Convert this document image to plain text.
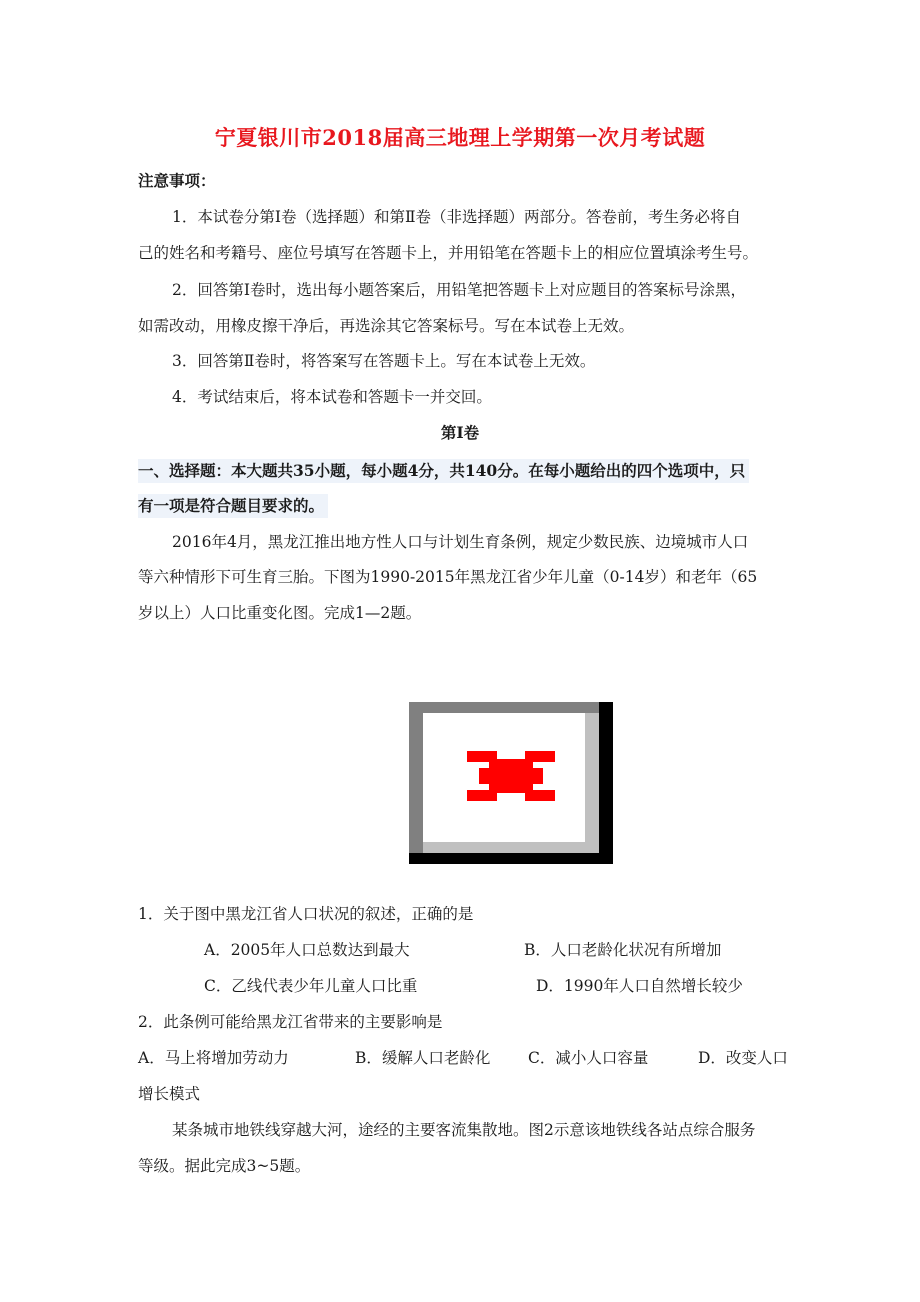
宁夏银川市2018届高三地理上学期第一次月考试题
注意事项：
1．本试卷分第Ⅰ卷（选择题）和第Ⅱ卷（非选择题）两部分。答卷前，考生务必将自
己的姓名和考籍号、座位号填写在答题卡上，并用铅笔在答题卡上的相应位置填涂考生号。
2．回答第Ⅰ卷时，选出每小题答案后，用铅笔把答题卡上对应题目的答案标号涂黑，
如需改动，用橡皮擦干净后，再选涂其它答案标号。写在本试卷上无效。
3．回答第Ⅱ卷时，将答案写在答题卡上。写在本试卷上无效。
4．考试结束后，将本试卷和答题卡一并交回。
第Ⅰ卷
一、选择题：本大题共35小题，每小题4分，共140分。在每小题给出的四个选项中，只
有一项是符合题目要求的。
2016年4月，黑龙江推出地方性人口与计划生育条例，规定少数民族、边境城市人口
等六种情形下可生育三胎。下图为1990-2015年黑龙江省少年儿童（0-14岁）和老年（65
岁以上）人口比重变化图。完成1—2题。
1．关于图中黑龙江省人口状况的叙述，正确的是
A．2005年人口总数达到最大	B．人口老龄化状况有所增加
C．乙线代表少年儿童人口比重	D．1990年人口自然增长较少
2．此条例可能给黑龙江省带来的主要影响是
A．马上将增加劳动力	B．缓解人口老龄化 C．减小人口容量	D．改变人口
增长模式
某条城市地铁线穿越大河，途经的主要客流集散地。图2示意该地铁线各站点综合服务
等级。据此完成3~5题。
